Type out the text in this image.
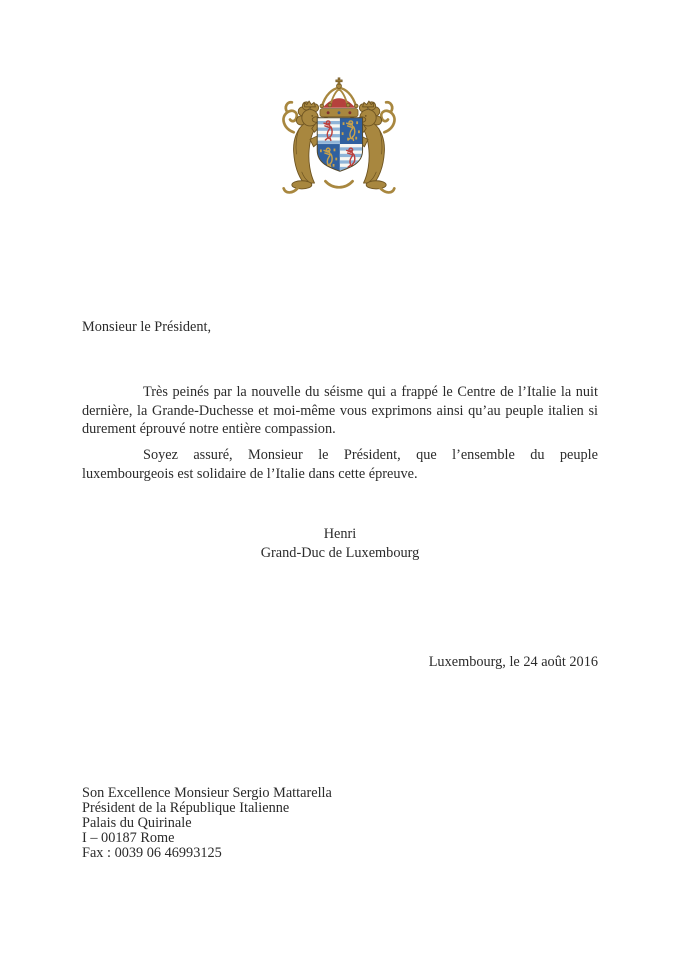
Monsieur le Président,
Très peinés par la nouvelle du séisme qui a frappé le Centre de l’Italie la nuit
dernière, la Grande-Duchesse et moi-même vous exprimons ainsi qu’au peuple italien si
durement éprouvé notre entière compassion.
Soyez assuré, Monsieur le Président, que l’ensemble du peuple
luxembourgeois est solidaire de l’Italie dans cette épreuve.
Henri
Grand-Duc de Luxembourg
Luxembourg, le 24 août 2016
Son Excellence Monsieur Sergio Mattarella
Président de la République Italienne
Palais du Quirinale
I – 00187 Rome
Fax : 0039 06 46993125
